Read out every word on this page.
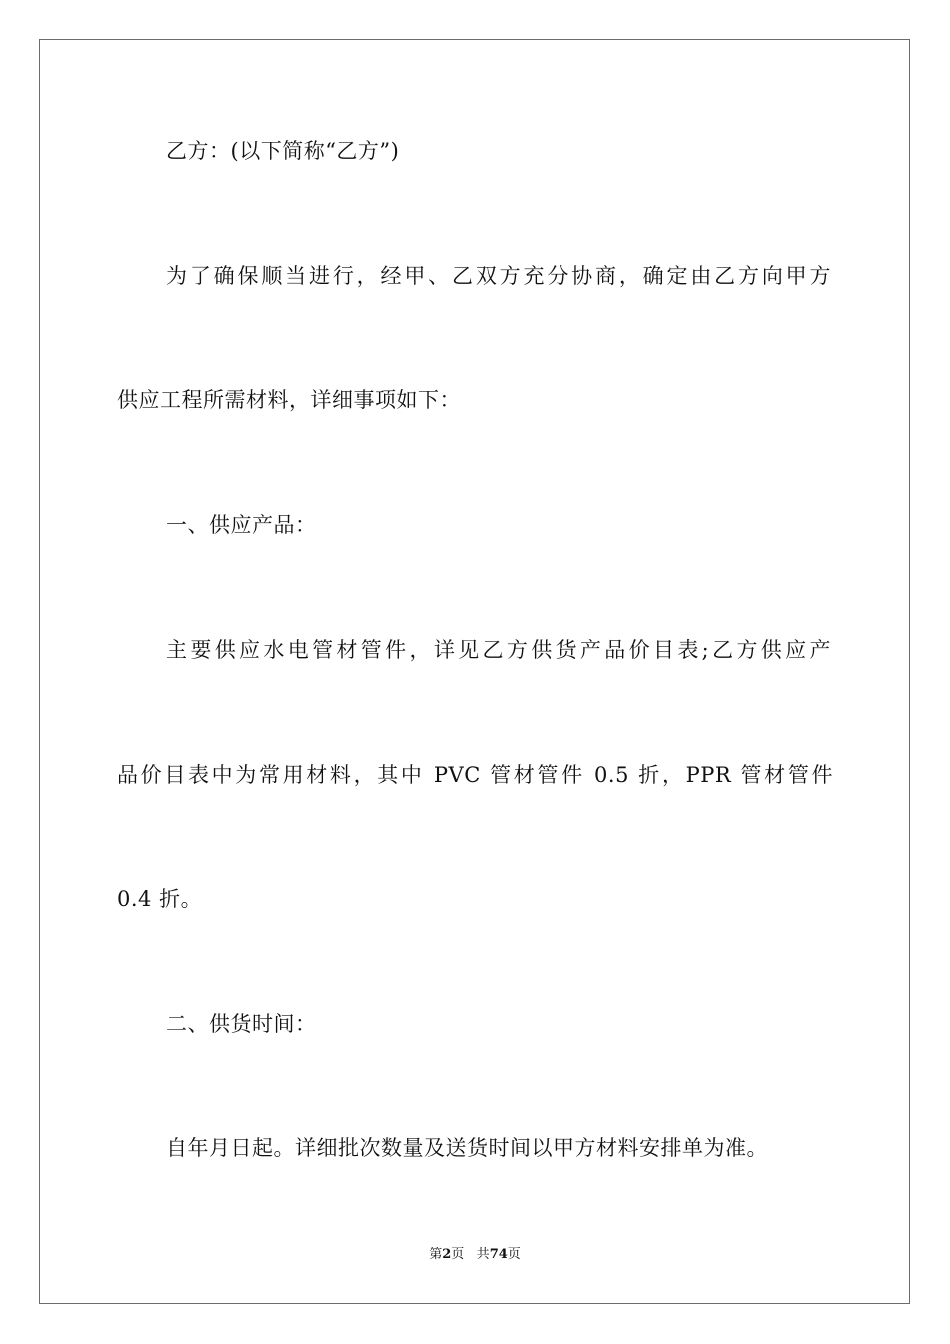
乙方：(以下简称“乙方”)
为了确保顺当进行，经甲、乙双方充分协商，确定由乙方向甲方
供应工程所需材料，详细事项如下：
一、供应产品：
主要供应水电管材管件，详见乙方供货产品价目表;乙方供应产
品价目表中为常用材料，其中 PVC 管材管件 0.5 折，PPR 管材管件
0.4 折。
二、供货时间：
自年月日起。详细批次数量及送货时间以甲方材料安排单为准。
第2页 共74页
